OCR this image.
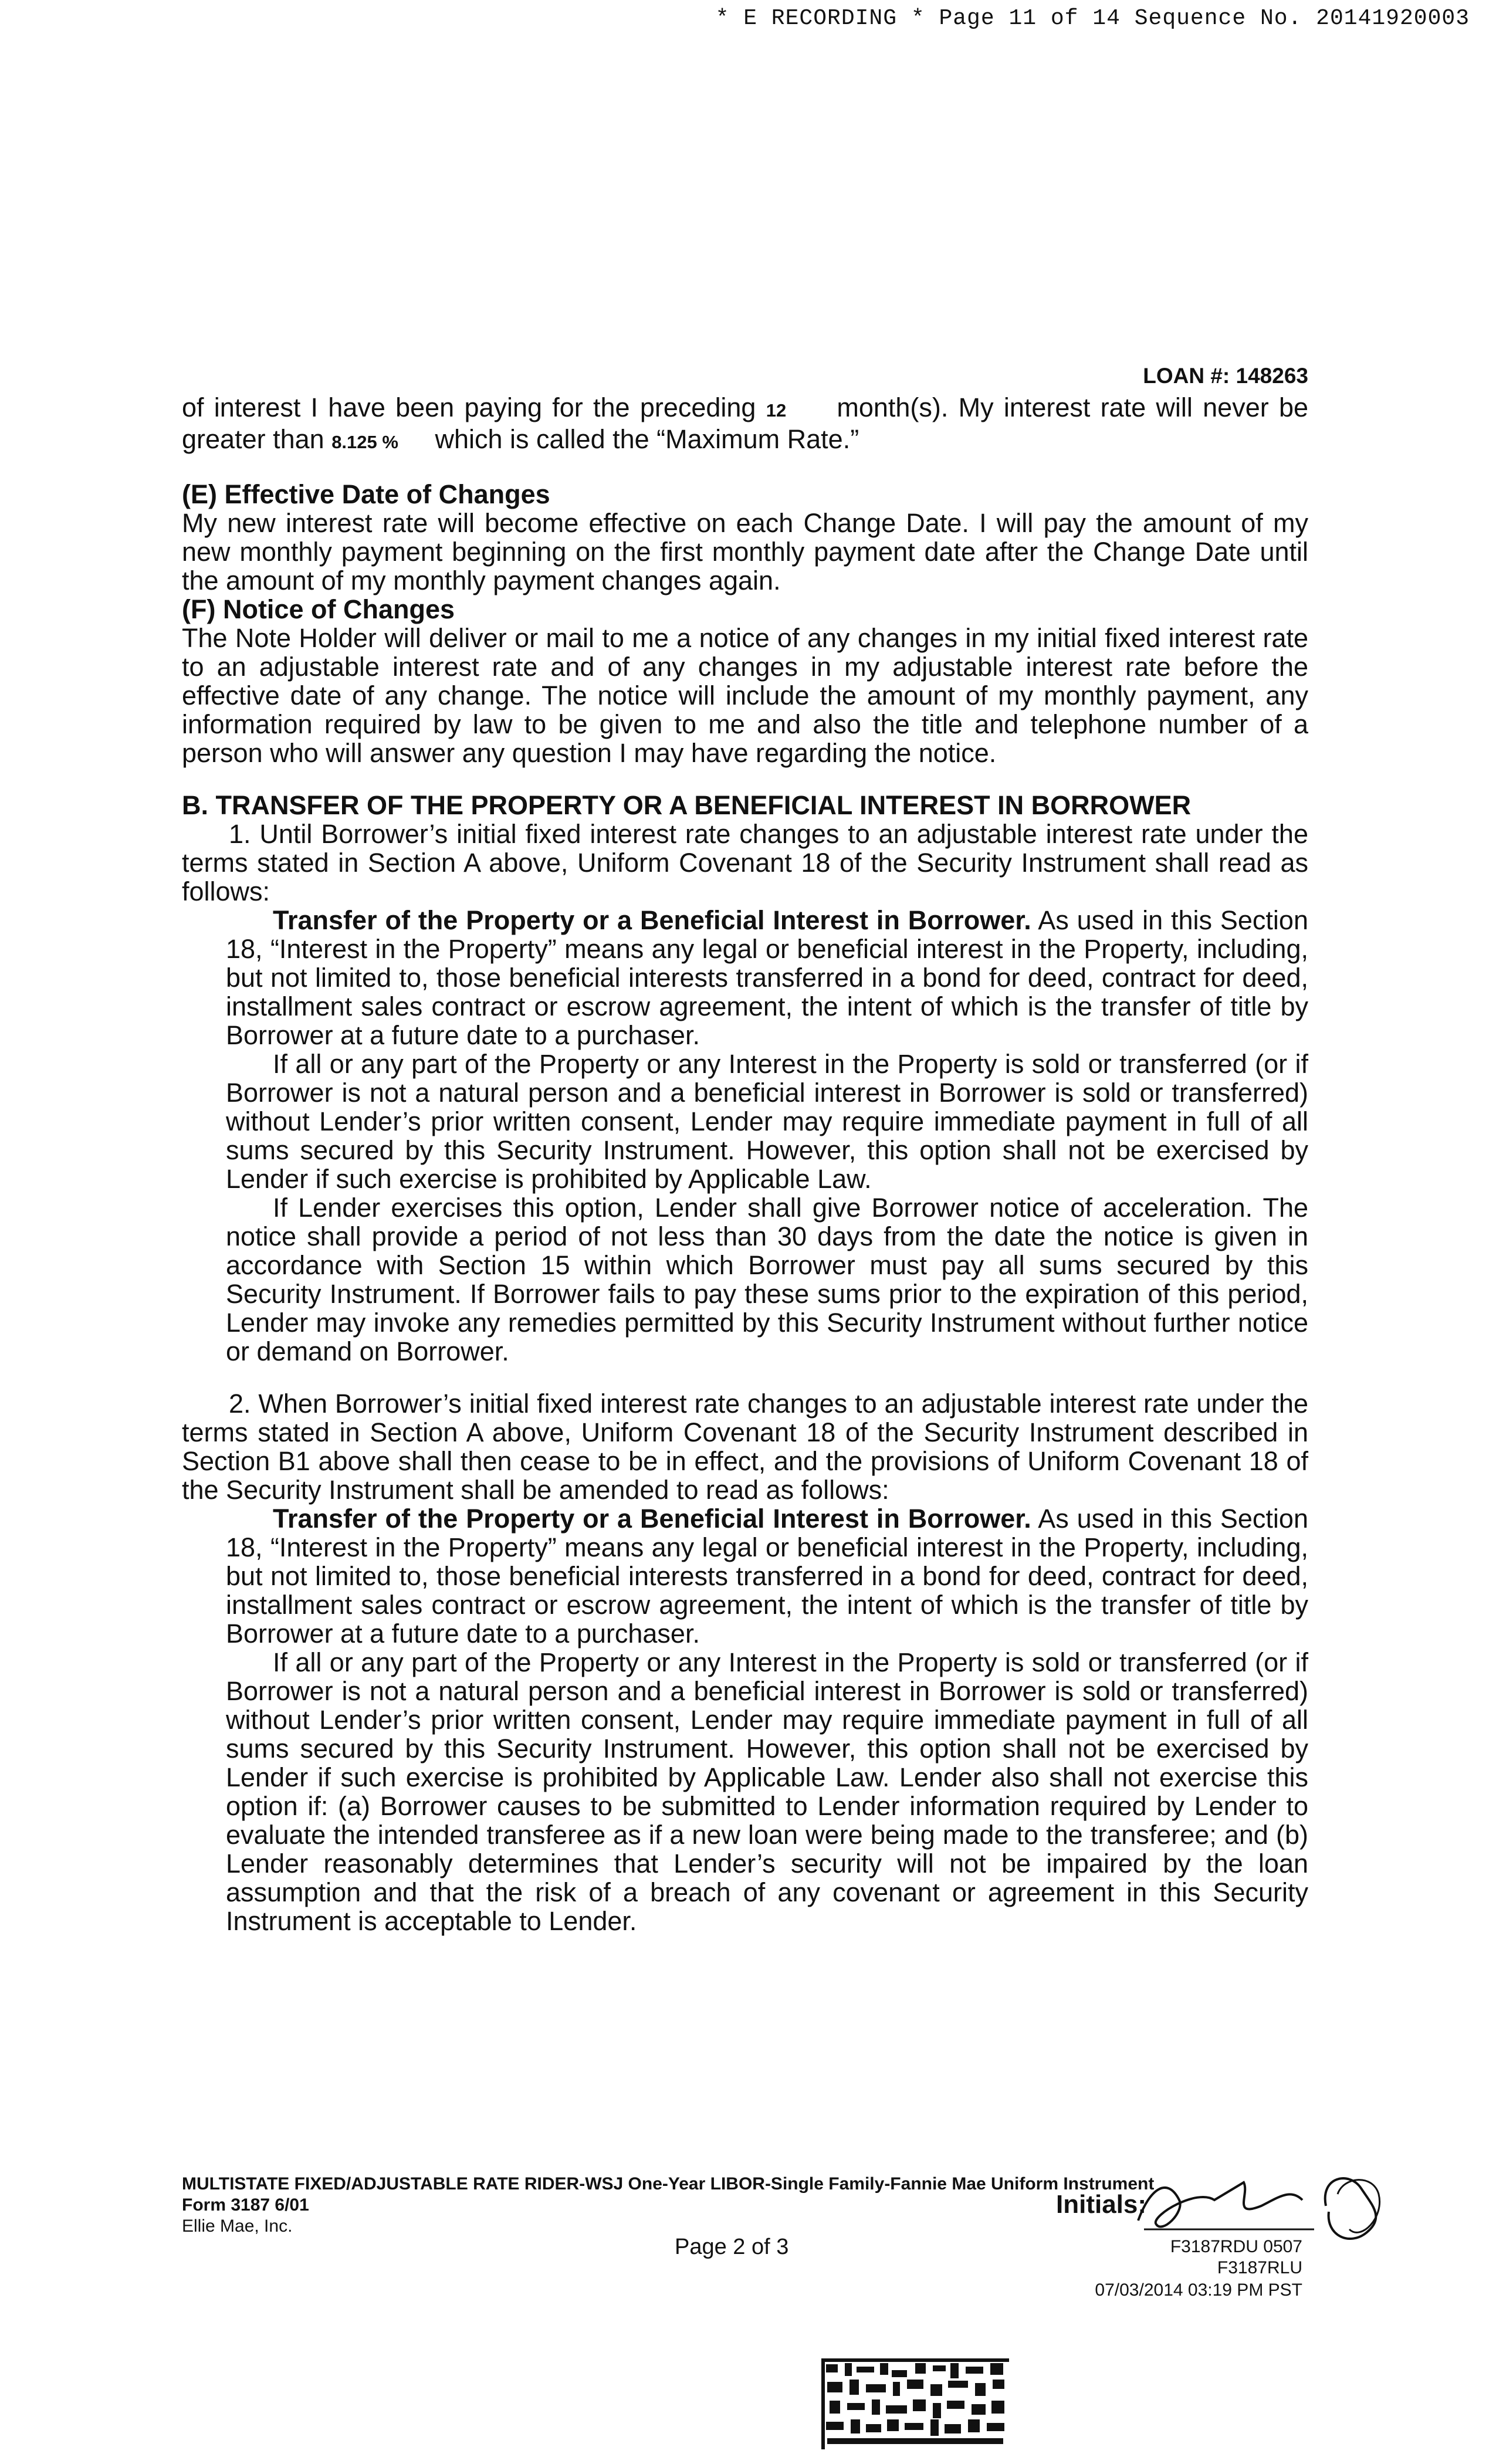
* E RECORDING * Page 11 of 14 Sequence No. 20141920003
LOAN #: 148263

of interest I have been paying for the preceding 12 month(s). My interest rate will never be greater than 8.125 % which is called the “Maximum Rate.”

(E) Effective Date of Changes

My new interest rate will become effective on each Change Date. I will pay the amount of my new monthly payment beginning on the first monthly payment date after the Change Date until the amount of my monthly payment changes again.

(F) Notice of Changes

The Note Holder will deliver or mail to me a notice of any changes in my initial fixed interest rate to an adjustable interest rate and of any changes in my adjustable interest rate before the effective date of any change. The notice will include the amount of my monthly payment, any information required by law to be given to me and also the title and telephone number of a person who will answer any question I may have regarding the notice.

B. TRANSFER OF THE PROPERTY OR A BENEFICIAL INTEREST IN BORROWER

1. Until Borrower’s initial fixed interest rate changes to an adjustable interest rate under the terms stated in Section A above, Uniform Covenant 18 of the Security Instrument shall read as follows:

Transfer of the Property or a Beneficial Interest in Borrower. As used in this Section 18, “Interest in the Property” means any legal or beneficial interest in the Property, including, but not limited to, those beneficial interests transferred in a bond for deed, contract for deed, installment sales contract or escrow agreement, the intent of which is the transfer of title by Borrower at a future date to a purchaser.

If all or any part of the Property or any Interest in the Property is sold or transferred (or if Borrower is not a natural person and a beneficial interest in Borrower is sold or transferred) without Lender’s prior written consent, Lender may require immediate payment in full of all sums secured by this Security Instrument. However, this option shall not be exercised by Lender if such exercise is prohibited by Applicable Law.

If Lender exercises this option, Lender shall give Borrower notice of acceleration. The notice shall provide a period of not less than 30 days from the date the notice is given in accordance with Section 15 within which Borrower must pay all sums secured by this Security Instrument. If Borrower fails to pay these sums prior to the expiration of this period, Lender may invoke any remedies permitted by this Security Instrument without further notice or demand on Borrower.

2. When Borrower’s initial fixed interest rate changes to an adjustable interest rate under the terms stated in Section A above, Uniform Covenant 18 of the Security Instrument described in Section B1 above shall then cease to be in effect, and the provisions of Uniform Covenant 18 of the Security Instrument shall be amended to read as follows:

Transfer of the Property or a Beneficial Interest in Borrower. As used in this Section 18, “Interest in the Property” means any legal or beneficial interest in the Property, including, but not limited to, those beneficial interests transferred in a bond for deed, contract for deed, installment sales contract or escrow agreement, the intent of which is the transfer of title by Borrower at a future date to a purchaser.

If all or any part of the Property or any Interest in the Property is sold or transferred (or if Borrower is not a natural person and a beneficial interest in Borrower is sold or transferred) without Lender’s prior written consent, Lender may require immediate payment in full of all sums secured by this Security Instrument. However, this option shall not be exercised by Lender if such exercise is prohibited by Applicable Law. Lender also shall not exercise this option if: (a) Borrower causes to be submitted to Lender information required by Lender to evaluate the intended transferee as if a new loan were being made to the transferee; and (b) Lender reasonably determines that Lender’s security will not be impaired by the loan assumption and that the risk of a breach of any covenant or agreement in this Security Instrument is acceptable to Lender.

MULTISTATE FIXED/ADJUSTABLE RATE RIDER-WSJ One-Year LIBOR-Single Family-Fannie Mae Uniform Instrument
Form 3187 6/01
Ellie Mae, Inc.
Page 2 of 3
Initials:
F3187RDU 0507
F3187RLU
07/03/2014 03:19 PM PST
